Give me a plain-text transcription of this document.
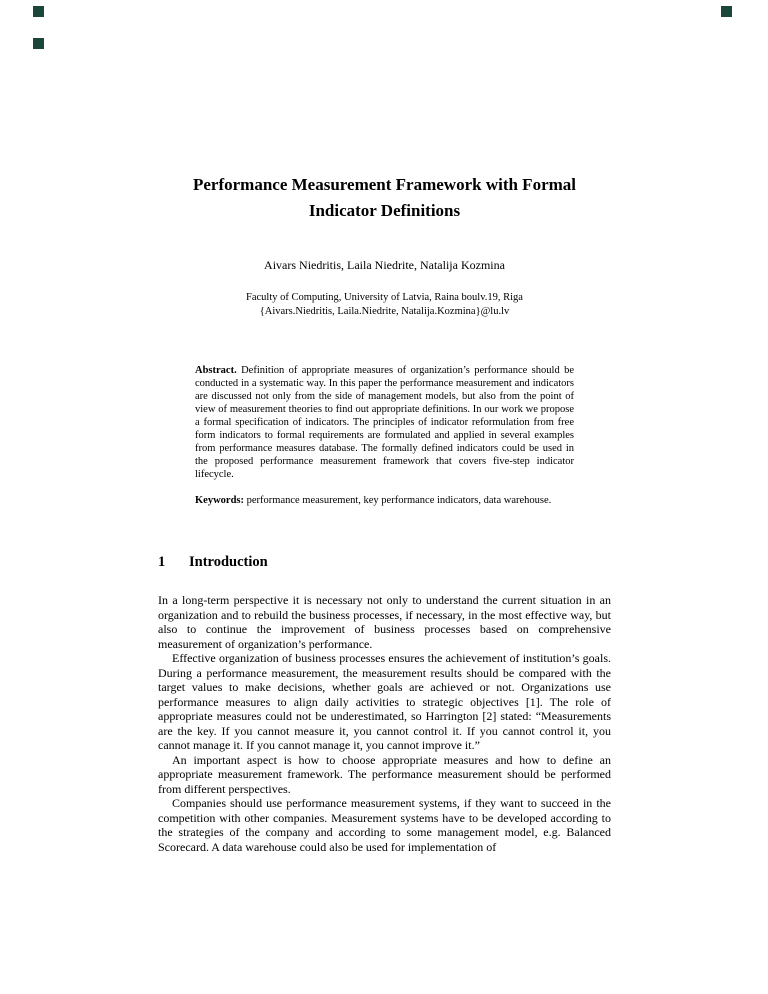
Performance Measurement Framework with Formal
Indicator Definitions
Aivars Niedritis, Laila Niedrite, Natalija Kozmina
Faculty of Computing, University of Latvia, Raina boulv.19, Riga
{Aivars.Niedritis, Laila.Niedrite, Natalija.Kozmina}@lu.lv

Abstract. Definition of appropriate measures of organization’s performance should be conducted in a systematic way. In this paper the performance measurement and indicators are discussed not only from the side of management models, but also from the point of view of measurement theories to find out appropriate definitions. In our work we propose a formal specification of indicators. The principles of indicator reformulation from free form indicators to formal requirements are formulated and applied in several examples from performance measures database. The formally defined indicators could be used in the proposed performance measurement framework that covers five-step indicator lifecycle.

Keywords: performance measurement, key performance indicators, data warehouse.

1 Introduction

In a long-term perspective it is necessary not only to understand the current situation in an organization and to rebuild the business processes, if necessary, in the most effective way, but also to continue the improvement of business processes based on comprehensive measurement of organization’s performance.

Effective organization of business processes ensures the achievement of institution’s goals. During a performance measurement, the measurement results should be compared with the target values to make decisions, whether goals are achieved or not. Organizations use performance measures to align daily activities to strategic objectives [1]. The role of appropriate measures could not be underestimated, so Harrington [2] stated: “Measurements are the key. If you cannot measure it, you cannot control it. If you cannot control it, you cannot manage it. If you cannot manage it, you cannot improve it.”

An important aspect is how to choose appropriate measures and how to define an appropriate measurement framework. The performance measurement should be performed from different perspectives.

Companies should use performance measurement systems, if they want to succeed in the competition with other companies. Measurement systems have to be developed according to the strategies of the company and according to some management model, e.g. Balanced Scorecard. A data warehouse could also be used for implementation of
